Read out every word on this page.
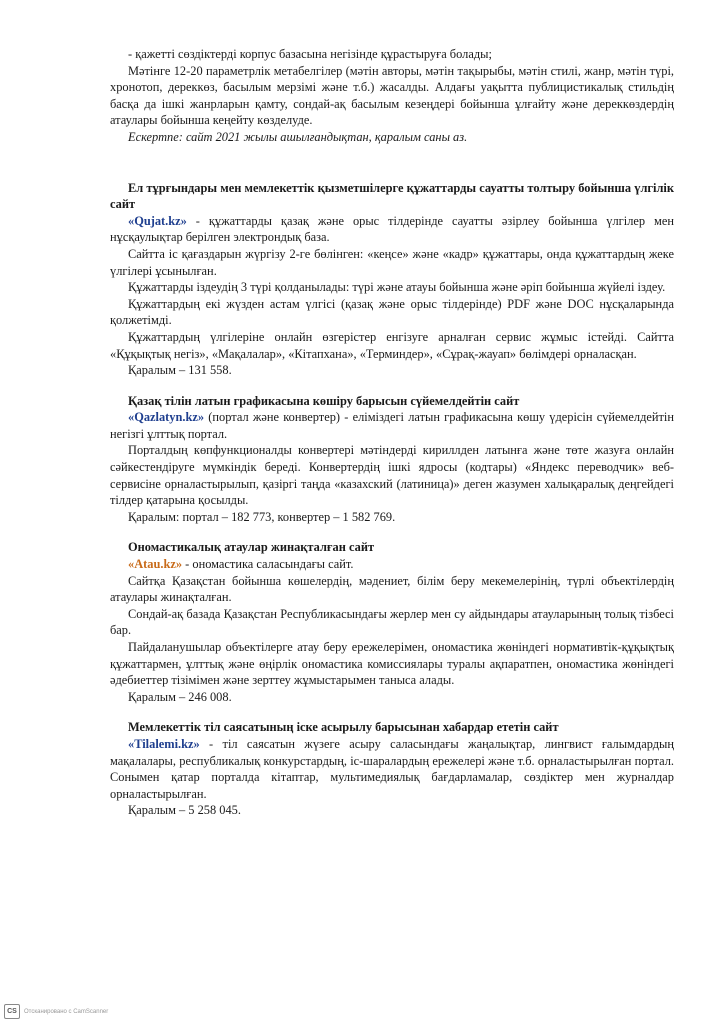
- қажетті сөздіктерді корпус базасына негізінде құрастыруға болады;

Мәтінге 12-20 параметрлік метабелгілер (мәтін авторы, мәтін тақырыбы, мәтін стилі, жанр, мәтін түрі, хронотоп, дереккөз, басылым мерзімі және т.б.) жасалды. Алдағы уақытта публицистикалық стильдің басқа да ішкі жанрларын қамту, сондай-ақ басылым кезеңдері бойынша ұлғайту және дереккөздердің атаулары бойынша кеңейту көзделуде.

Ескертпе: сайт 2021 жылы ашылғандықтан, қаралым саны аз.

Ел тұрғындары мен мемлекеттік қызметшілерге құжаттарды сауатты толтыру бойынша үлгілік сайт

«Qujat.kz» - құжаттарды қазақ және орыс тілдерінде сауатты әзірлеу бойынша үлгілер мен нұсқаулықтар берілген электрондық база.

Сайтта іс қағаздарын жүргізу 2-ге бөлінген: «кеңсе» және «кадр» құжаттары, онда құжаттардың жеке үлгілері ұсынылған.

Құжаттарды іздеудің 3 түрі қолданылады: түрі және атауы бойынша және әріп бойынша жүйелі іздеу.

Құжаттардың екі жүзден астам үлгісі (қазақ және орыс тілдерінде) PDF және DOC нұсқаларында қолжетімді.

Құжаттардың үлгілеріне онлайн өзгерістер енгізуге арналған сервис жұмыс істейді. Сайтта «Құқықтық негіз», «Мақалалар», «Кітапхана», «Терминдер», «Сұрақ-жауап» бөлімдері орналасқан.

Қаралым – 131 558.

Қазақ тілін латын графикасына көшіру барысын сүйемелдейтін сайт

«Qazlatyn.kz» (портал және конвертер) - еліміздегі латын графикасына көшу үдерісін сүйемелдейтін негізгі ұлттық портал.

Порталдың көпфункционалды конвертері мәтіндерді кириллден латынға және төте жазуға онлайн сәйкестендіруге мүмкіндік береді. Конвертердің ішкі ядросы (кодтары) «Яндекс переводчик» веб-сервисіне орналастырылып, қазіргі таңда «казахский (латиница)» деген жазумен халықаралық деңгейдегі тілдер қатарына қосылды.

Қаралым: портал – 182 773, конвертер – 1 582 769.

Ономастикалық атаулар жинақталған сайт

«Atau.kz» - ономастика саласындағы сайт.

Сайтқа Қазақстан бойынша көшелердің, мәдениет, білім беру мекемелерінің, түрлі объектілердің атаулары жинақталған.

Сондай-ақ базада Қазақстан Республикасындағы жерлер мен су айдындары атауларының толық тізбесі бар.

Пайдаланушылар объектілерге атау беру ережелерімен, ономастика жөніндегі нормативтік-құқықтық құжаттармен, ұлттық және өңірлік ономастика комиссиялары туралы ақпаратпен, ономастика жөніндегі әдебиеттер тізімімен және зерттеу жұмыстарымен таныса алады.

Қаралым – 246 008.

Мемлекеттік тіл саясатының іске асырылу барысынан хабардар ететін сайт

«Tilalemi.kz» - тіл саясатын жүзеге асыру саласындағы жаңалықтар, лингвист ғалымдардың мақалалары, республикалық конкурстардың, іс-шаралардың ережелері және т.б. орналастырылған портал. Сонымен қатар порталда кітаптар, мультимедиялық бағдарламалар, сөздіктер мен журналдар орналастырылған.

Қаралым – 5 258 045.

CS	Отсканировано с CamScanner
